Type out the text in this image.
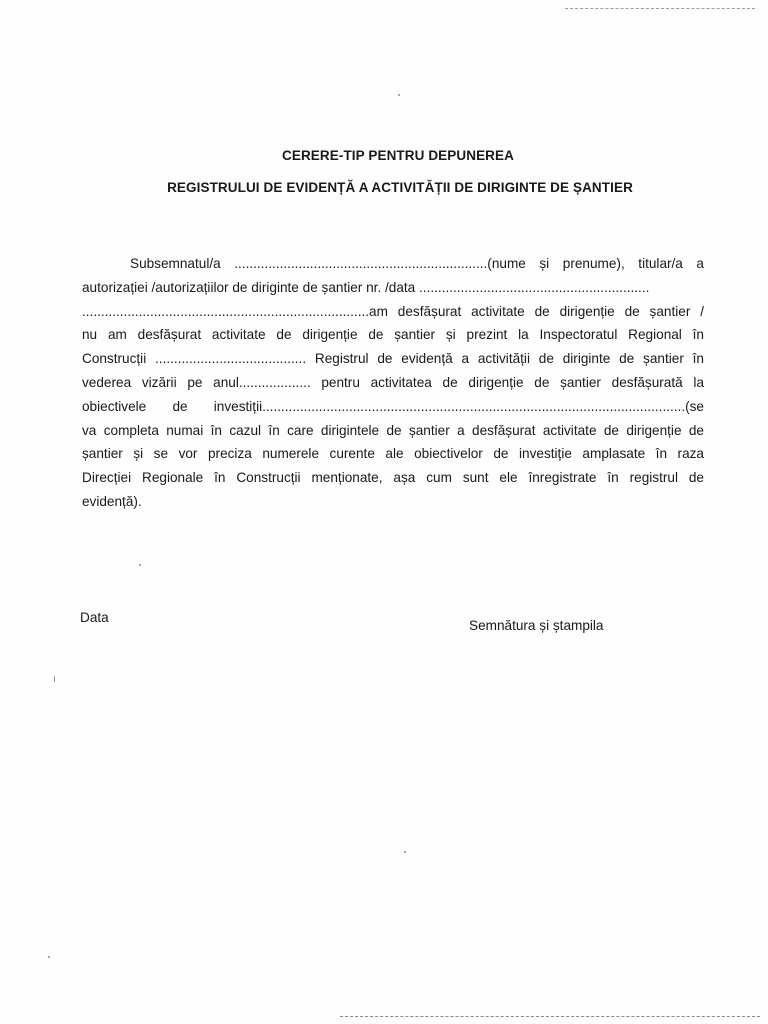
CERERE-TIP PENTRU DEPUNEREA
REGISTRULUI DE EVIDENȚĂ A ACTIVITĂȚII DE DIRIGINTE DE ȘANTIER
Subsemnatul/a ...................................................................(nume și prenume), titular/a a
autorizației /autorizațiilor de diriginte de șantier nr. /data .............................................................
............................................................................am desfășurat activitate de dirigenție de șantier /
nu am desfășurat activitate de dirigenție de șantier și prezint la Inspectoratul Regional în
Construcții ........................................ Registrul de evidență a activității de diriginte de șantier în
vederea vizării pe anul................... pentru activitatea de dirigenție de șantier desfășurată la
obiectivele de investiții................................................................................................................(se
va completa numai în cazul în care dirigintele de șantier a desfășurat activitate de dirigenție de
șantier și se vor preciza numerele curente ale obiectivelor de investiție amplasate în raza
Direcției Regionale în Construcții menționate, așa cum sunt ele înregistrate în registrul de
evidență).
Data
Semnătura și ștampila
